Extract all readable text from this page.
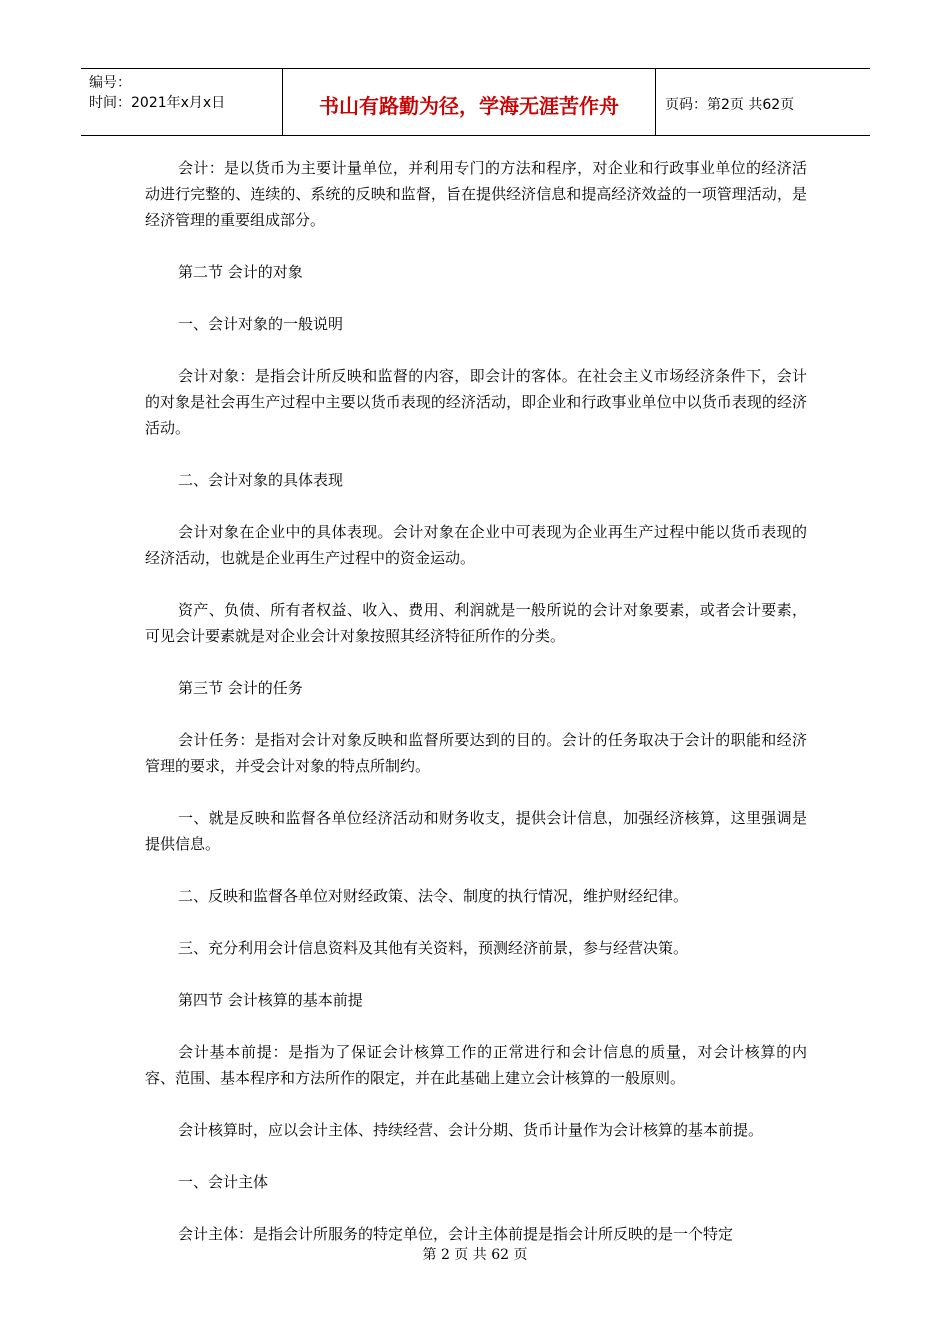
编号：
时间：2021年x月x日	书山有路勤为径，学海无涯苦作舟	页码：第2页 共62页

会计：是以货币为主要计量单位，并利用专门的方法和程序，对企业和行政事业单位的经济活动进行完整的、连续的、系统的反映和监督，旨在提供经济信息和提高经济效益的一项管理活动，是经济管理的重要组成部分。

第二节 会计的对象

一、会计对象的一般说明

会计对象：是指会计所反映和监督的内容，即会计的客体。在社会主义市场经济条件下，会计的对象是社会再生产过程中主要以货币表现的经济活动，即企业和行政事业单位中以货币表现的经济活动。

二、会计对象的具体表现

会计对象在企业中的具体表现。会计对象在企业中可表现为企业再生产过程中能以货币表现的经济活动，也就是企业再生产过程中的资金运动。

资产、负债、所有者权益、收入、费用、利润就是一般所说的会计对象要素，或者会计要素，可见会计要素就是对企业会计对象按照其经济特征所作的分类。

第三节 会计的任务

会计任务：是指对会计对象反映和监督所要达到的目的。会计的任务取决于会计的职能和经济管理的要求，并受会计对象的特点所制约。

一、就是反映和监督各单位经济活动和财务收支，提供会计信息，加强经济核算，这里强调是提供信息。

二、反映和监督各单位对财经政策、法令、制度的执行情况，维护财经纪律。

三、充分利用会计信息资料及其他有关资料，预测经济前景，参与经营决策。

第四节 会计核算的基本前提

会计基本前提：是指为了保证会计核算工作的正常进行和会计信息的质量，对会计核算的内容、范围、基本程序和方法所作的限定，并在此基础上建立会计核算的一般原则。

会计核算时，应以会计主体、持续经营、会计分期、货币计量作为会计核算的基本前提。

一、会计主体

会计主体：是指会计所服务的特定单位，会计主体前提是指会计所反映的是一个特定

第 2 页 共 62 页
